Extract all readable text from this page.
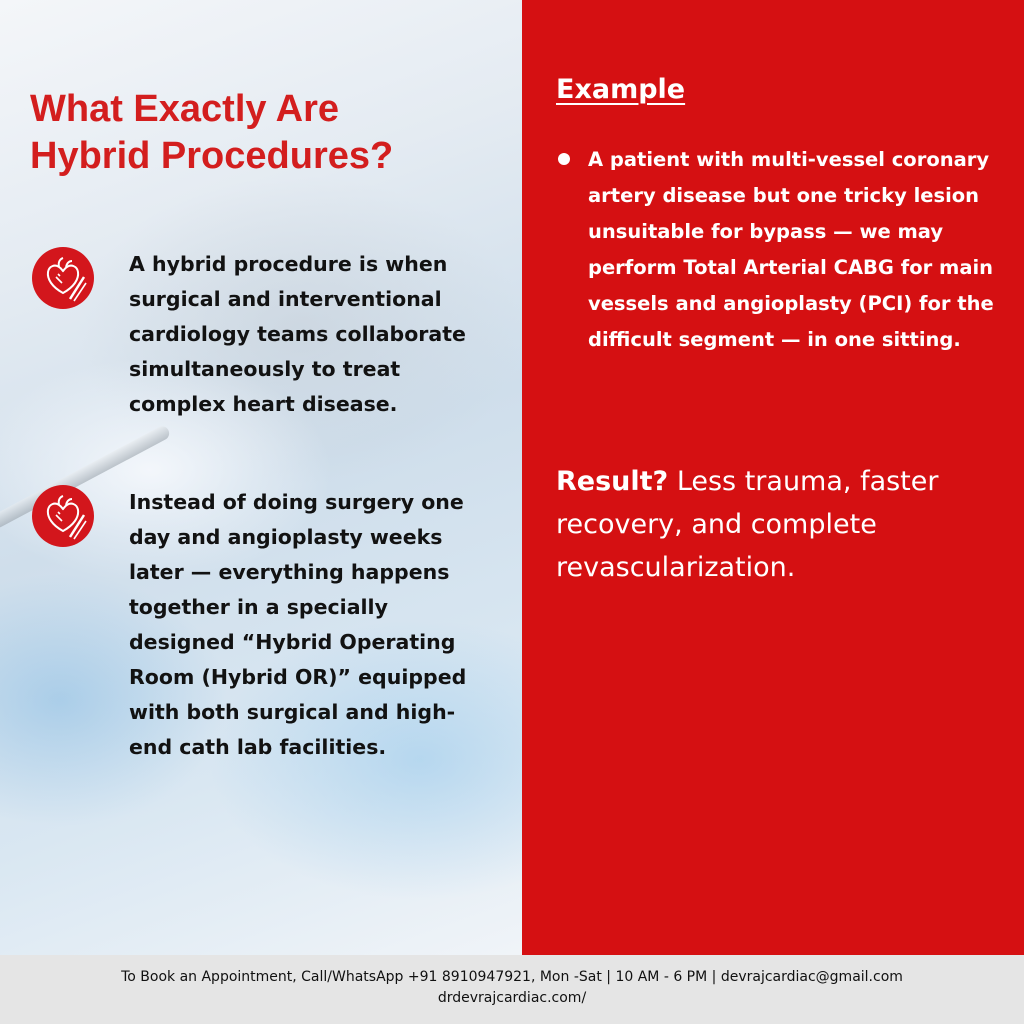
What Exactly Are
Hybrid Procedures?

A hybrid procedure is when surgical and interventional cardiology teams collaborate simultaneously to treat complex heart disease.

Instead of doing surgery one day and angioplasty weeks later — everything happens together in a specially designed “Hybrid Operating Room (Hybrid OR)” equipped with both surgical and high-end cath lab facilities.

Example

A patient with multi-vessel coronary artery disease but one tricky lesion unsuitable for bypass — we may perform Total Arterial CABG for main vessels and angioplasty (PCI) for the difficult segment — in one sitting.

Result? Less trauma, faster recovery, and complete revascularization.

To Book an Appointment, Call/WhatsApp +91 8910947921, Mon -Sat | 10 AM - 6 PM | devrajcardiac@gmail.com
drdevrajcardiac.com/
